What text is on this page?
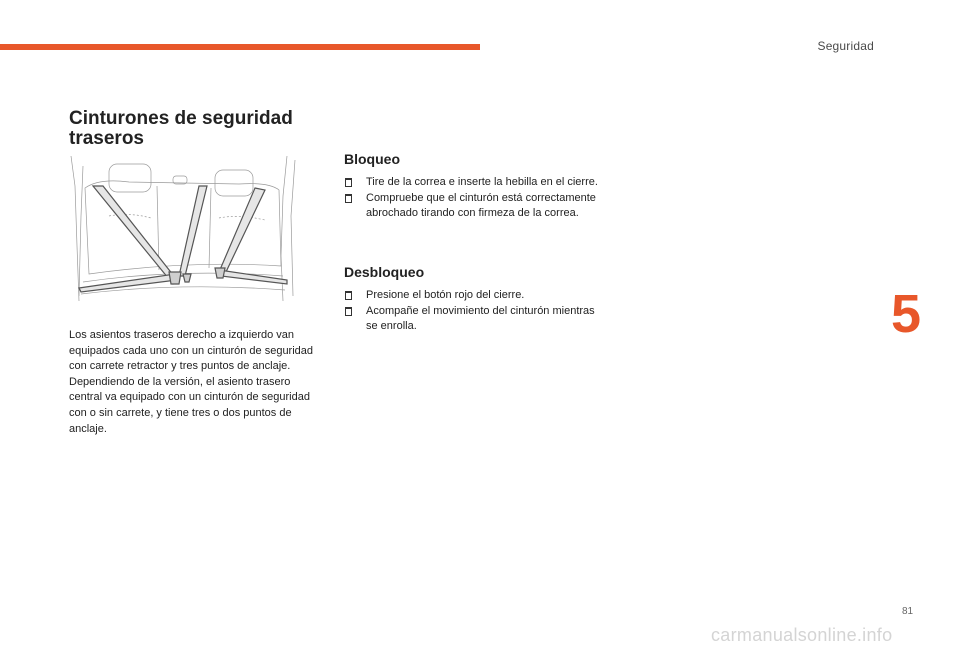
Seguridad
5
Cinturones de seguridad traseros

Los asientos traseros derecho a izquierdo van equipados cada uno con un cinturón de seguridad con carrete retractor y tres puntos de anclaje.

Dependiendo de la versión, el asiento trasero central va equipado con un cinturón de seguridad con o sin carrete, y tiene tres o dos puntos de anclaje.

Bloqueo
Tire de la correa e inserte la hebilla en el cierre.
Compruebe que el cinturón está correctamente abrochado tirando con firmeza de la correa.
Desbloqueo
Presione el botón rojo del cierre.
Acompañe el movimiento del cinturón mientras se enrolla.
81
carmanualsonline.info
